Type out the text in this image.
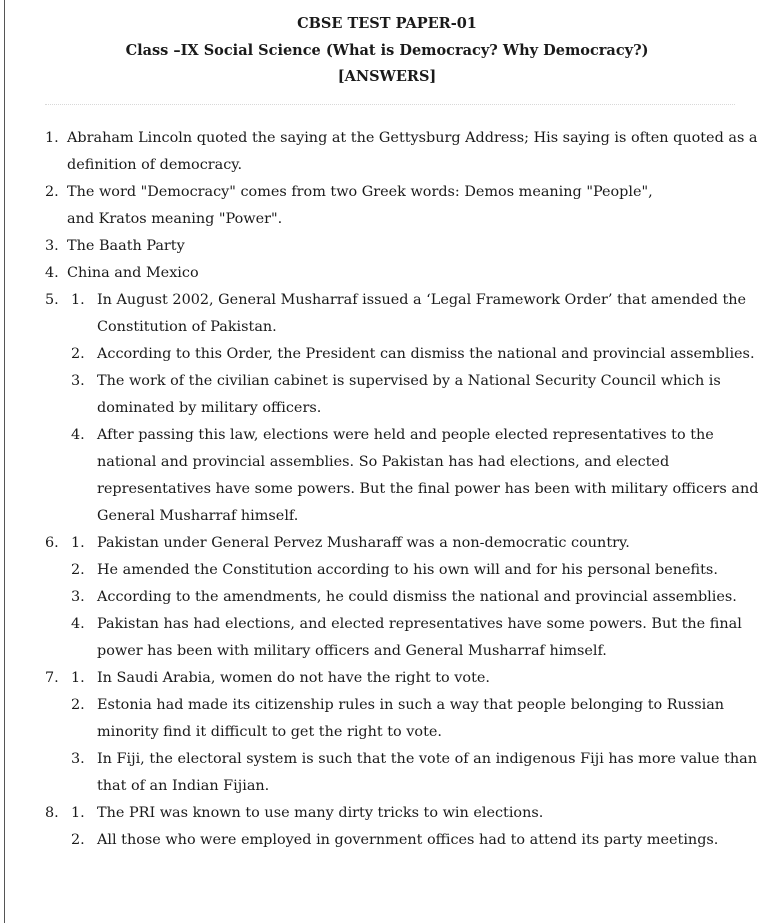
CBSE TEST PAPER-01
Class –IX Social Science (What is Democracy? Why Democracy?)
[ANSWERS]
1. Abraham Lincoln quoted the saying at the Gettysburg Address; His saying is often quoted as a definition of democracy.
2. The word "Democracy" comes from two Greek words: Demos meaning "People", and Kratos meaning "Power".
3. The Baath Party
4. China and Mexico
5. 1. In August 2002, General Musharraf issued a ‘Legal Framework Order’ that amended the Constitution of Pakistan.
2. According to this Order, the President can dismiss the national and provincial assemblies.
3. The work of the civilian cabinet is supervised by a National Security Council which is dominated by military officers.
4. After passing this law, elections were held and people elected representatives to the national and provincial assemblies. So Pakistan has had elections, and elected representatives have some powers. But the final power has been with military officers and General Musharraf himself.
6. 1. Pakistan under General Pervez Musharaff was a non-democratic country.
2. He amended the Constitution according to his own will and for his personal benefits.
3. According to the amendments, he could dismiss the national and provincial assemblies.
4. Pakistan has had elections, and elected representatives have some powers. But the final power has been with military officers and General Musharraf himself.
7. 1. In Saudi Arabia, women do not have the right to vote.
2. Estonia had made its citizenship rules in such a way that people belonging to Russian minority find it difficult to get the right to vote.
3. In Fiji, the electoral system is such that the vote of an indigenous Fiji has more value than that of an Indian Fijian.
8. 1. The PRI was known to use many dirty tricks to win elections.
2. All those who were employed in government offices had to attend its party meetings.
